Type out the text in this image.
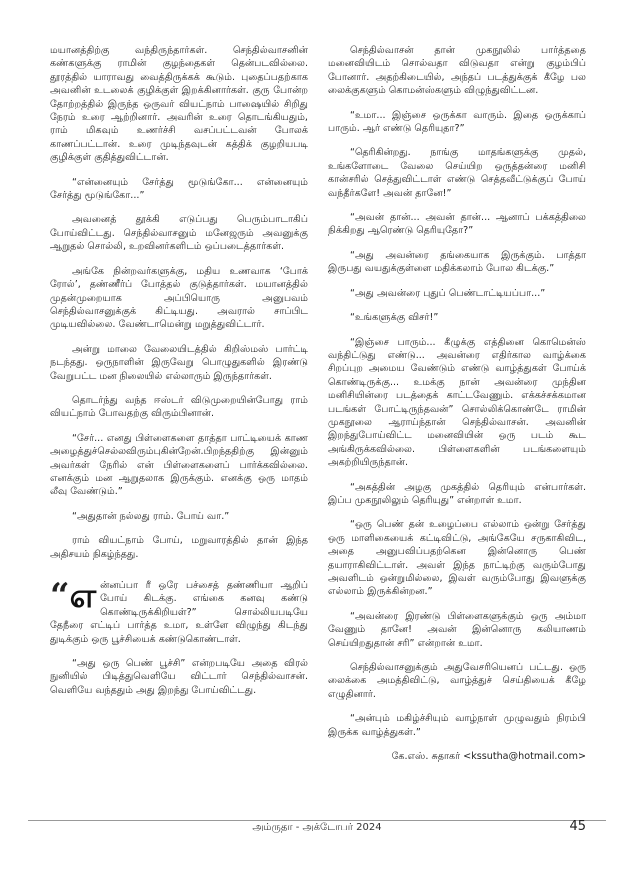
மயானத்திற்கு வந்திருந்தார்கள். செந்தில்வாசனின் கண்களுக்கு ராமின் குழந்தைகள் தென்படவில்லை. தூரத்தில் யாராவது வைத்திருக்கக் கூடும். புதைப்பதற்காக அவனின் உடலைக் குழிக்குள் இறக்கினார்கள். குரு போன்ற தோற்றத்தில் இருந்த ஒருவர் வியட்நாம் பாஷையில் சிறிது நேரம் உரை ஆற்றினார். அவரின் உரை தொடங்கியதும், ராம் மிகவும் உணர்ச்சி வசப்பட்டவன் போலக் காணப்பட்டான். உரை முடிந்தவுடன் கத்திக் குழறியபடி குழிக்குள் குதித்துவிட்டான்.

“என்னையும் சேர்த்து மூடுங்கோ... என்னையும் சேர்த்து மூடுங்கோ...”

அவனைத் தூக்கி எடுப்பது பெரும்பாடாகிப் போய்விட்டது. செந்தில்வாசனும் மனேஜரும் அவனுக்கு ஆறுதல் சொல்லி, உறவினர்களிடம் ஒப்படைத்தார்கள்.

அங்கே நின்றவர்களுக்கு, மதிய உணவாக ‘போக் ரோல்’, தண்ணீர்ப் போத்தல் குடுத்தார்கள். மயானத்தில் முதன்முறையாக அப்பியொரு அனுபவம் செந்தில்வாசனுக்குக் கிட்டியது. அவரால் சாப்பிட முடியவில்லை. வேண்டாமென்று மறுத்துவிட்டார்.

அன்று மாலை வேலையிடத்தில் கிறிஸ்மஸ் பார்ட்டி நடந்தது. ஒருநாளின் இருவேறு பொழுதுகளில் இரண்டு வேறுபட்ட மன நிலையில் எல்லாரும் இருந்தார்கள்.

தொடர்ந்து வந்த ஈஸ்டர் விடுமுறையின்போது ராம் வியட்நாம் போவதற்கு விரும்பினான்.

“சேர்... எனது பிள்ளைகளை தாத்தா பாட்டியைக் காண அழைத்துச்செல்லவிரும்புகின்றேன்.பிறந்ததிற்கு இன்னும் அவர்கள் நேரில் என் பிள்ளைகளைப் பார்க்கவில்லை. எனக்கும் மன ஆறுதலாக இருக்கும். எனக்கு ஒரு மாதம் லீவு வேண்டும்.”

“அதுதான் நல்லது ராம். போய் வா.”

ராம் வியட்நாம் போய், மறுவாரத்தில் தான் இந்த அதிசயம் நிகழ்ந்தது.

“ எ ன்னப்பா ரீ ஒரே பச்சைத் தண்ணியா ஆறிப் போய் கிடக்கு. எங்கை கனவு கண்டு கொண்டிருக்கிறியள்?” சொல்லியபடியே தேநீரை எட்டிப் பார்த்த உமா, உள்ளே விழுந்து கிடந்து துடிக்கும் ஒரு பூச்சியைக் கண்டுகொண்டாள்.

“அது ஒரு பெண் பூச்சி” என்றபடியே அதை விரல் நுனியில் பிடித்துவெளியே விட்டார் செந்தில்வாசன். வெளியே வந்ததும் அது இறந்து போய்விட்டது.

செந்தில்வாசன் தான் முகநூலில் பார்த்ததை மனைவியிடம் சொல்வதா விடுவதா என்று குழம்பிப் போனார். அதற்கிடையில், அந்தப் படத்துக்குக் கீழே பல லைக்குகளும் கொமன்ஸ்களும் விழுந்துவிட்டன.

“உமா... இஞ்சை ஒருக்கா வாரும். இதை ஒருக்காப் பாரும். ஆர் எண்டு தெரியுதா?”

“தெரிகின்றது. நாங்கு மாதங்களுக்கு முதல், உங்களோடை வேலை செய்யிற ஒருத்தன்ரை மனிசி கான்சரில் செத்துவிட்டாள் எண்டு செத்தவீட்டுக்குப் போய் வந்தீர்களே! அவன் தானே!”

“அவன் தான்... அவன் தான்... ஆனாப் பக்கத்திலை நிக்கிறது ஆரெண்டு தெரியுதோ?”

“அது அவன்ரை தங்கையாக இருக்கும். பாத்தா இருபது வயதுக்குள்ளை மதிக்கலாம் போல கிடக்கு.”

“அது அவன்ரை புதுப் பெண்டாட்டியப்பா...”

“உங்களுக்கு விசர்!”

“இஞ்சை பாரும்... கீழுக்கு எத்தினை கொமென்ஸ் வந்திட்டுது எண்டு... அவன்ரை எதிர்கால வாழ்க்கை சிறப்புற அமைய வேண்டும் எண்டு வாழ்த்துகள் போய்க் கொண்டிருக்கு... உமக்கு நான் அவன்ரை முந்தின மனிசியின்ரை படத்தைக் காட்டவேணும். எக்கச்சக்கமான படங்கள் போட்டிருந்தவன்” சொல்லிக்கொண்டே ராமின் முகநூலை ஆராய்ந்தான் செந்தில்வாசன். அவனின் இறந்துபோய்விட்ட மனைவியின் ஒரு படம் கூட அங்கிருக்கவில்லை. பிள்ளைகளின் படங்களையும் அகற்றியிருந்தான்.

“அகத்தின் அழகு முகத்தில் தெரியும் என்பார்கள். இப்ப முகநூலிலும் தெரியுது” என்றாள் உமா.

“ஒரு பெண் தன் உழைப்பை எல்லாம் ஒன்று சேர்த்து ஒரு மாளிகையைக் கட்டிவிட்டு, அங்கேயே சருகாகிவிட, அதை அனுபவிப்பதற்கென இன்னொரு பெண் தயாராகிவிட்டாள். அவள் இந்த நாட்டிற்கு வரும்போது அவளிடம் ஒன்றுமில்லை, இவள் வரும்போது இவளுக்கு எல்லாம் இருக்கின்றன.”

“அவன்ரை இரண்டு பிள்ளைகளுக்கும் ஒரு அம்மா வேணும் தானே! அவன் இன்னொரு கலியாணம் செய்யிறதுதான் சரி” என்றான் உமா.

செந்தில்வாசனுக்கும் அதுவேசரியெனப் பட்டது. ஒரு லைக்கை அமத்திவிட்டு, வாழ்த்துச் செய்தியைக் கீழே எழுதினார்.

“அன்பும் மகிழ்ச்சியும் வாழ்நாள் முழுவதும் நிரம்பி இருக்க வாழ்த்துகள்.”

கே.எஸ். சுதாகர் <kssutha@hotmail.com>

அம்ருதா - அக்டோபர் 2024	45
